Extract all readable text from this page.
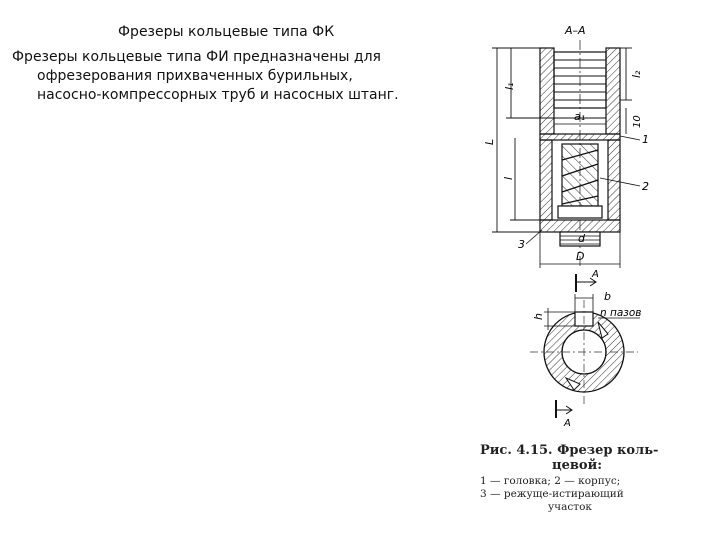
Фрезеры кольцевые типа ФК
Фрезеры кольцевые типа ФИ предназначены для
офрезерования прихваченных бурильных,
насосно-компрессорных труб и насосных штанг.
А–А
l₁
L
l
l₂
10
a₁
1
2
3	d
D
b
h	n пазов
A
A
Рис. 4.15. Фрезер коль-
цевой:
1 — головка; 2 — корпус;
3 — режуще-истирающий
участок
